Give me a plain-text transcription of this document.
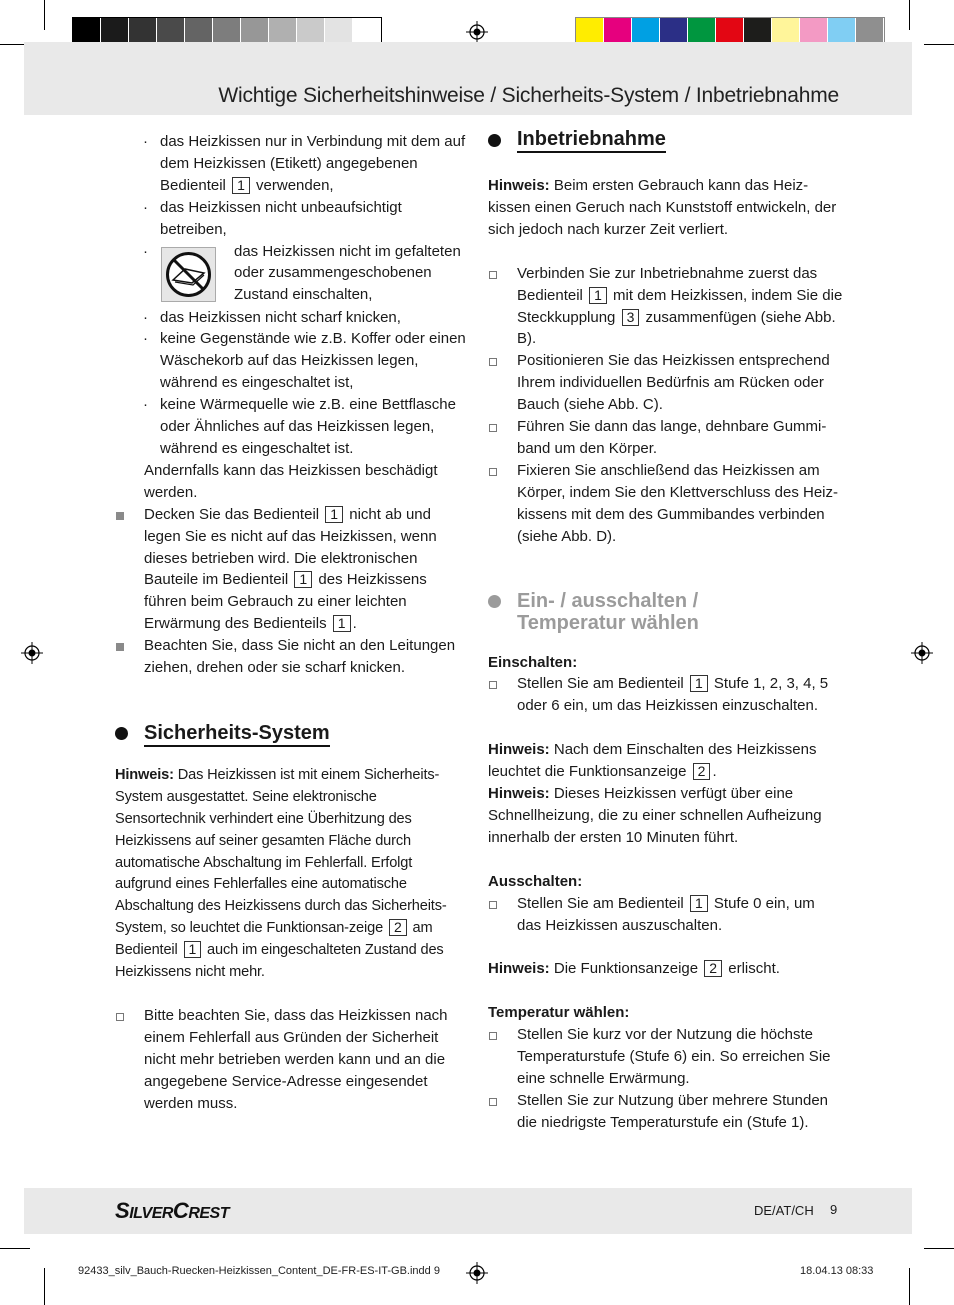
Wichtige Sicherheitshinweise / Sicherheits-System / Inbetriebnahme
· das Heizkissen nur in Verbindung mit dem auf dem Heizkissen (Etikett) angegebenen Bedienteil 1 verwenden,
· das Heizkissen nicht unbeaufsichtigt betreiben,
·	das Heizkissen nicht im gefalteten oder zusammengeschobenen Zustand einschalten,
· das Heizkissen nicht scharf knicken,
· keine Gegenstände wie z.B. Koffer oder einen Wäschekorb auf das Heizkissen legen, während es eingeschaltet ist,
· keine Wärmequelle wie z.B. eine Bettflasche oder Ähnliches auf das Heizkissen legen, während es eingeschaltet ist.
Andernfalls kann das Heizkissen beschädigt werden.
Decken Sie das Bedienteil 1 nicht ab und legen Sie es nicht auf das Heizkissen, wenn dieses betrieben wird. Die elektronischen Bauteile im Bedienteil 1 des Heizkissens führen beim Gebrauch zu einer leichten Erwärmung des Bedienteils 1 .
Beachten Sie, dass Sie nicht an den Leitungen ziehen, drehen oder sie scharf knicken.
Sicherheits-System
Hinweis: Das Heizkissen ist mit einem Sicherheits-System ausgestattet. Seine elektronische Sensortechnik verhindert eine Überhitzung des Heizkissens auf seiner gesamten Fläche durch automatische Abschaltung im Fehlerfall. Erfolgt aufgrund eines Fehlerfalles eine automatische Abschaltung des Heizkissens durch das Sicherheits-System, so leuchtet die Funktionsan-zeige 2 am Bedienteil 1 auch im eingeschalteten Zustand des Heizkissens nicht mehr.
Bitte beachten Sie, dass das Heizkissen nach einem Fehlerfall aus Gründen der Sicherheit nicht mehr betrieben werden kann und an die angegebene Service-Adresse eingesendet werden muss.
Inbetriebnahme
Hinweis: Beim ersten Gebrauch kann das Heiz-kissen einen Geruch nach Kunststoff entwickeln, der sich jedoch nach kurzer Zeit verliert.
Verbinden Sie zur Inbetriebnahme zuerst das Bedienteil 1 mit dem Heizkissen, indem Sie die Steckkupplung 3 zusammenfügen (siehe Abb. B).
Positionieren Sie das Heizkissen entsprechend Ihrem individuellen Bedürfnis am Rücken oder Bauch (siehe Abb. C).
Führen Sie dann das lange, dehnbare Gummi-band um den Körper.
Fixieren Sie anschließend das Heizkissen am Körper, indem Sie den Klettverschluss des Heiz-kissens mit dem des Gummibandes verbinden (siehe Abb. D).
Ein- / ausschalten /
Temperatur wählen
Einschalten:
Stellen Sie am Bedienteil 1 Stufe 1, 2, 3, 4, 5 oder 6 ein, um das Heizkissen einzuschalten.
Hinweis: Nach dem Einschalten des Heizkissens leuchtet die Funktionsanzeige 2 .
Hinweis: Dieses Heizkissen verfügt über eine Schnellheizung, die zu einer schnellen Aufheizung innerhalb der ersten 10 Minuten führt.
Ausschalten:
Stellen Sie am Bedienteil 1 Stufe 0 ein, um das Heizkissen auszuschalten.
Hinweis: Die Funktionsanzeige 2 erlischt.
Temperatur wählen:
Stellen Sie kurz vor der Nutzung die höchste Temperaturstufe (Stufe 6) ein. So erreichen Sie eine schnelle Erwärmung.
Stellen Sie zur Nutzung über mehrere Stunden die niedrigste Temperaturstufe ein (Stufe 1).
SILVERCREST	DE/AT/CH 9
92433_silv_Bauch-Ruecken-Heizkissen_Content_DE-FR-ES-IT-GB.indd 9	18.04.13 08:33
